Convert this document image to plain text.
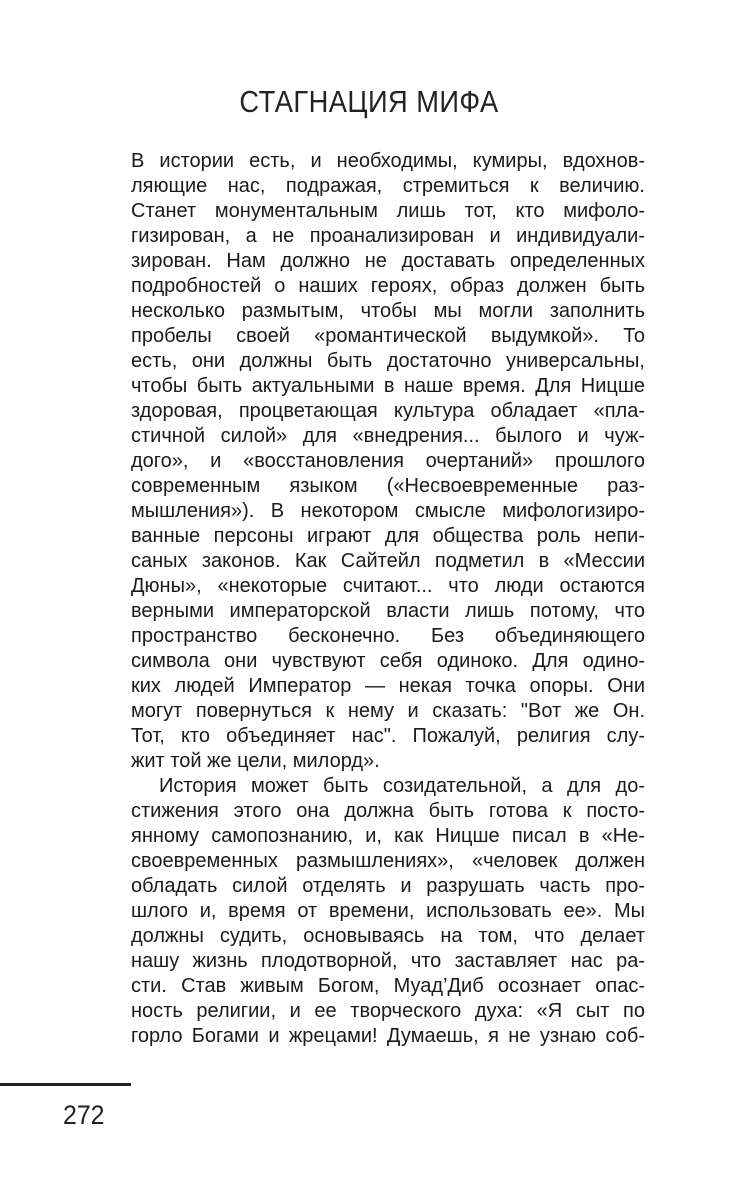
СТАГНАЦИЯ МИФА
В истории есть, и необходимы, кумиры, вдохнов-
ляющие нас, подражая, стремиться к величию.
Станет монументальным лишь тот, кто мифоло-
гизирован, а не проанализирован и индивидуали-
зирован. Нам должно не доставать определенных
подробностей о наших героях, образ должен быть
несколько размытым, чтобы мы могли заполнить
пробелы своей «романтической выдумкой». То
есть, они должны быть достаточно универсальны,
чтобы быть актуальными в наше время. Для Ницше
здоровая, процветающая культура обладает «пла-
стичной силой» для «внедрения... былого и чуж-
дого», и «восстановления очертаний» прошлого
современным языком («Несвоевременные раз-
мышления»). В некотором смысле мифологизиро-
ванные персоны играют для общества роль непи-
саных законов. Как Сайтейл подметил в «Мессии
Дюны», «некоторые считают... что люди остаются
верными императорской власти лишь потому, что
пространство бесконечно. Без объединяющего
символа они чувствуют себя одиноко. Для одино-
ких людей Император — некая точка опоры. Они
могут повернуться к нему и сказать: "Вот же Он.
Тот, кто объединяет нас". Пожалуй, религия слу-
жит той же цели, милорд».
История может быть созидательной, а для до-
стижения этого она должна быть готова к посто-
янному самопознанию, и, как Ницше писал в «Не-
своевременных размышлениях», «человек должен
обладать силой отделять и разрушать часть про-
шлого и, время от времени, использовать ее». Мы
должны судить, основываясь на том, что делает
нашу жизнь плодотворной, что заставляет нас ра-
сти. Став живым Богом, Муад’Диб осознает опас-
ность религии, и ее творческого духа: «Я сыт по
горло Богами и жрецами! Думаешь, я не узнаю соб-
272
